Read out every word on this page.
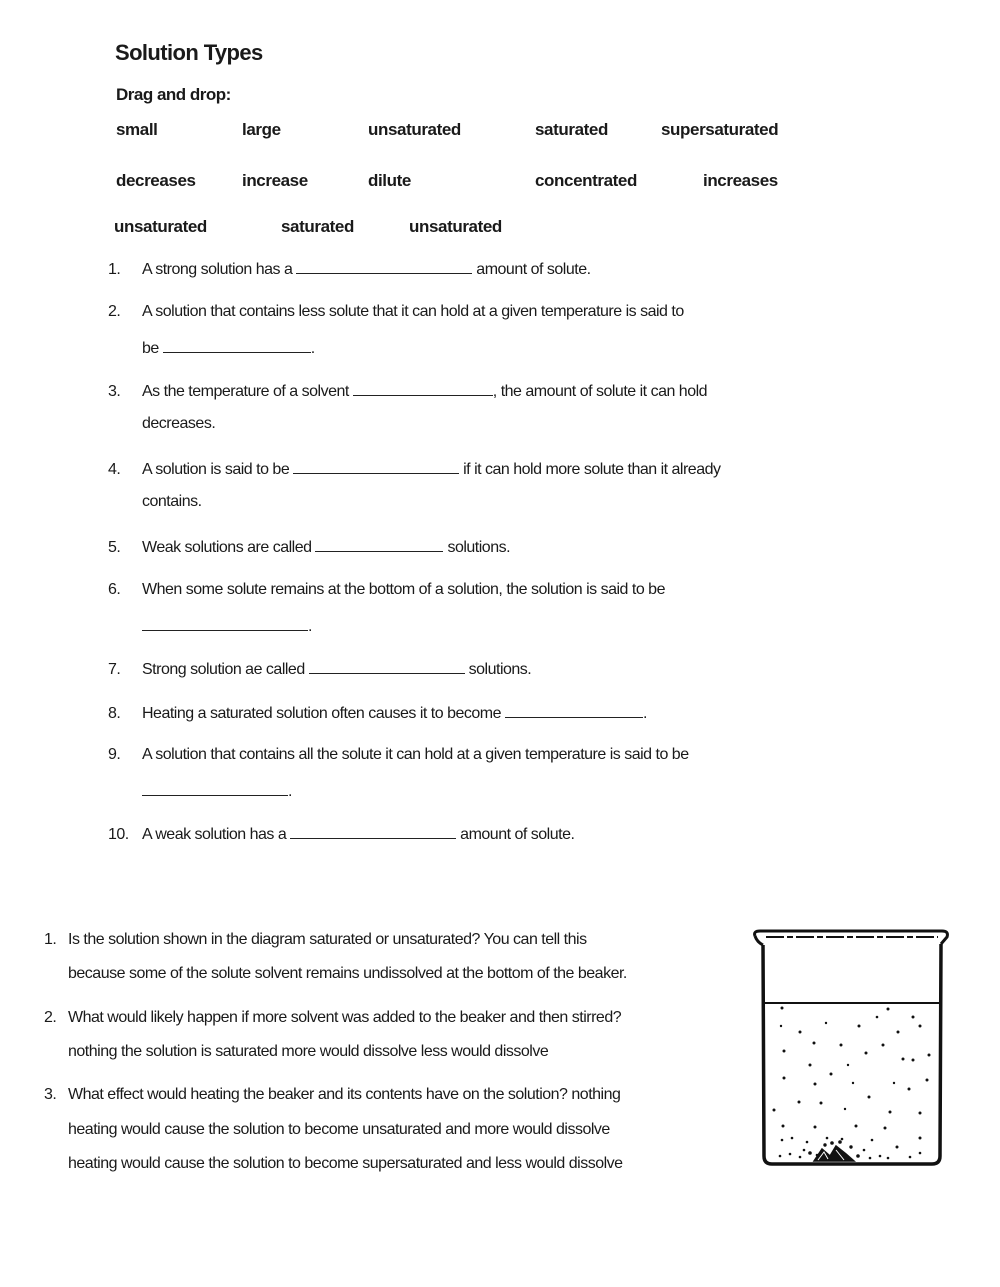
Solution Types
Drag and drop:
small	large	unsaturated	saturated	supersaturated
decreases	increase	dilute	concentrated	increases
unsaturated	saturated	unsaturated
1. A strong solution has a	amount of solute.
2. A solution that contains less solute that it can hold at a given temperature is said to
be	.
3. As the temperature of a solvent	, the amount of solute it can hold
decreases.
4. A solution is said to be	if it can hold more solute than it already
contains.
5. Weak solutions are called	solutions.
6. When some solute remains at the bottom of a solution, the solution is said to be
.
7. Strong solution ae called	solutions.
8. Heating a saturated solution often causes it to become	.
9. A solution that contains all the solute it can hold at a given temperature is said to be
.
10. A weak solution has a	amount of solute.
1. Is the solution shown in the diagram saturated or unsaturated? You can tell this
because some of the solute solvent remains undissolved at the bottom of the beaker.
2. What would likely happen if more solvent was added to the beaker and then stirred?
nothing the solution is saturated more would dissolve less would dissolve
3. What effect would heating the beaker and its contents have on the solution? nothing
heating would cause the solution to become unsaturated and more would dissolve
heating would cause the solution to become supersaturated and less would dissolve
